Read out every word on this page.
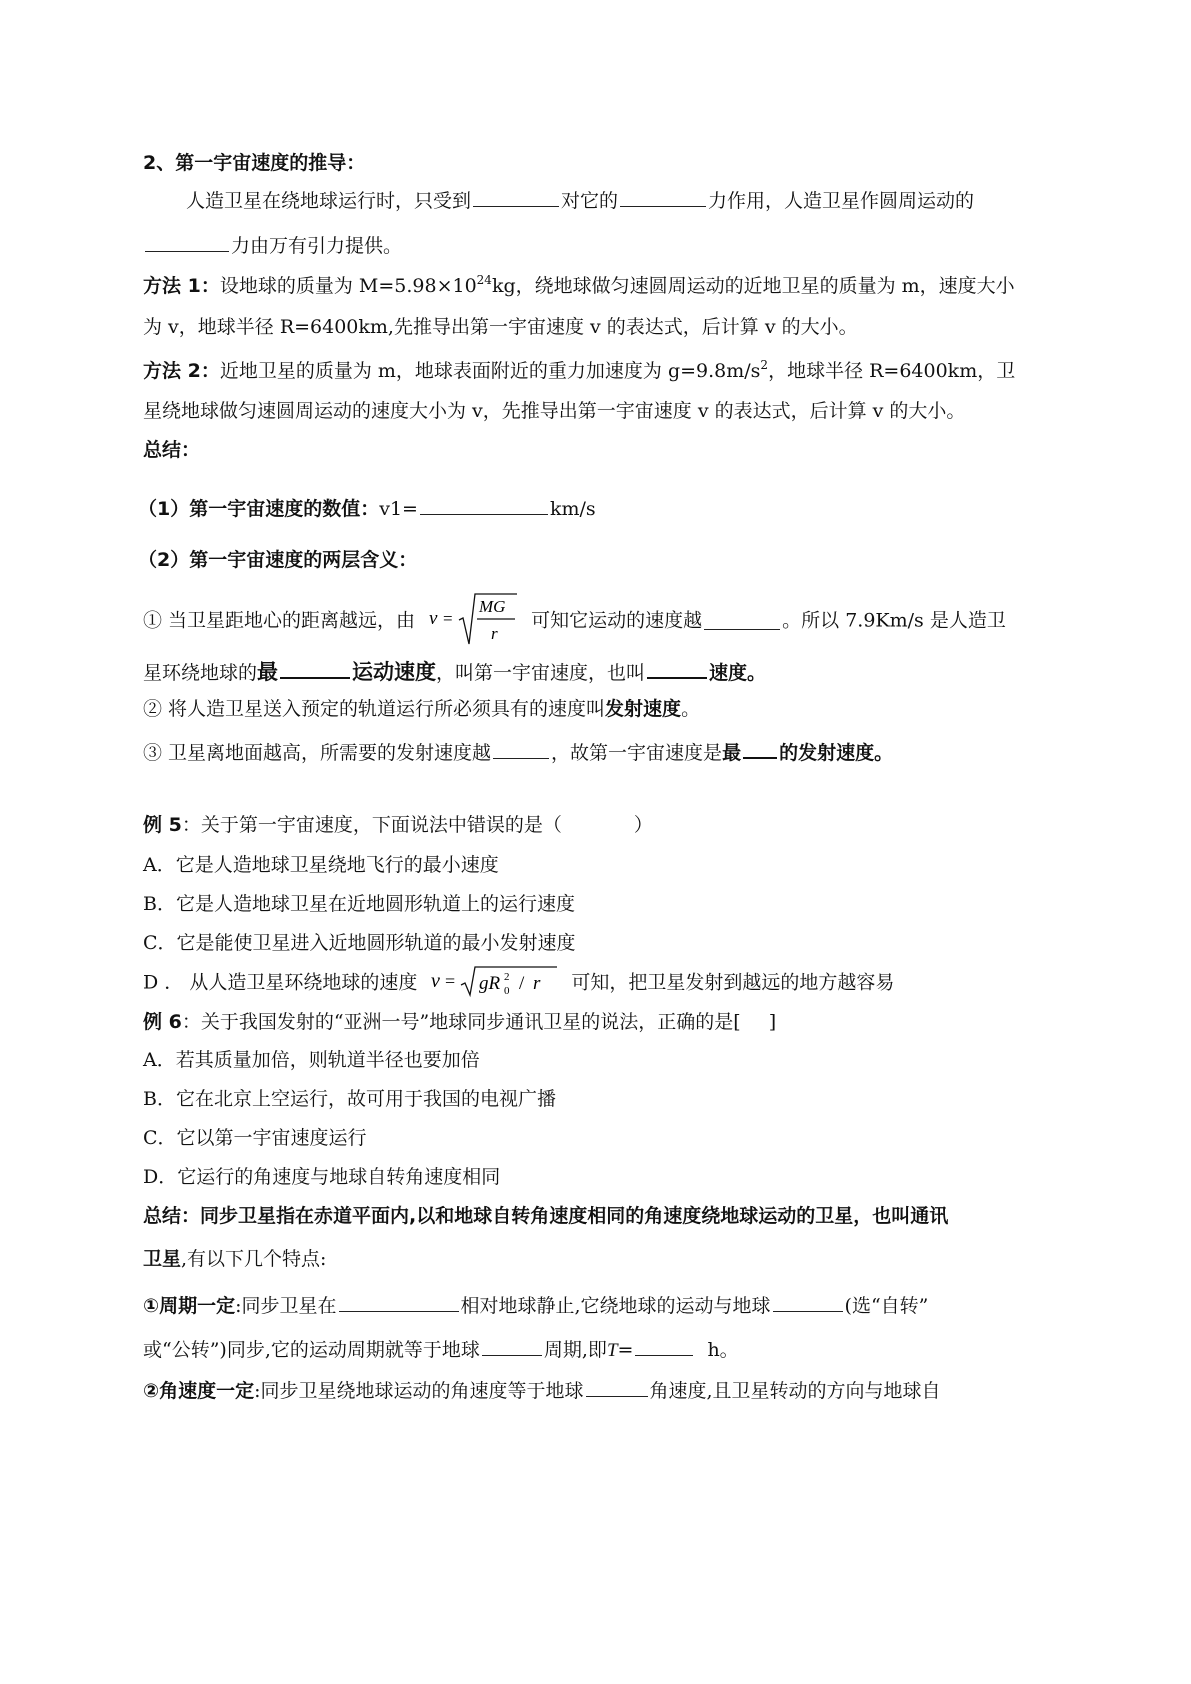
2、第一宇宙速度的推导：
人造卫星在绕地球运行时，只受到	对它的	力作用，人造卫星作圆周运动的
力由万有引力提供。
方法 1：设地球的质量为 $M=5.98\times 10^{24}kg$，绕地球做匀速圆周运动的近地卫星的质量为 m，速度大小
为 v，地球半径 R=6400km,先推导出第一宇宙速度 v 的表达式，后计算 v 的大小。
方法 2：近地卫星的质量为 m，地球表面附近的重力加速度为 $g=9.8m/s^2$，地球半径 R=6400km，卫
星绕地球做匀速圆周运动的速度大小为 v，先推导出第一宇宙速度 v 的表达式，后计算 v 的大小。
总结：
（1）第一宇宙速度的数值：v1=	km/s
（2）第一宇宙速度的两层含义：
① 当卫星距地心的距离越远，由 v =
MG
r
可知它运动的速度越	。所以 7.9Km/s 是人造卫
星环绕地球的最	运动速度，叫第一宇宙速度，也叫	速度。
② 将人造卫星送入预定的轨道运行所必须具有的速度叫发射速度。
③ 卫星离地面越高，所需要的发射速度越	，故第一宇宙速度是最 的发射速度。
例 5：关于第一宇宙速度，下面说法中错误的是（	）
A．它是人造地球卫星绕地飞行的最小速度
B．它是人造地球卫星在近地圆形轨道上的运行速度
C．它是能使卫星进入近地圆形轨道的最小发射速度
D ． 从人造卫星环绕地球的速度 v = gR 2
0 / r 可知，把卫星发射到越远的地方越容易
例 6：关于我国发射的“亚洲一号”地球同步通讯卫星的说法，正确的是[ ]
A．若其质量加倍，则轨道半径也要加倍
B．它在北京上空运行，故可用于我国的电视广播
C．它以第一宇宙速度运行
D．它运行的角速度与地球自转角速度相同
总结：同步卫星指在赤道平面内,以和地球自转角速度相同的角速度绕地球运动的卫星，也叫通讯
卫星,有以下几个特点:
①周期一定:同步卫星在	相对地球静止,它绕地球的运动与地球	(选“自转”
或“公转”)同步,它的运动周期就等于地球	周期,即T=	h。
②角速度一定:同步卫星绕地球运动的角速度等于地球	角速度,且卫星转动的方向与地球自
